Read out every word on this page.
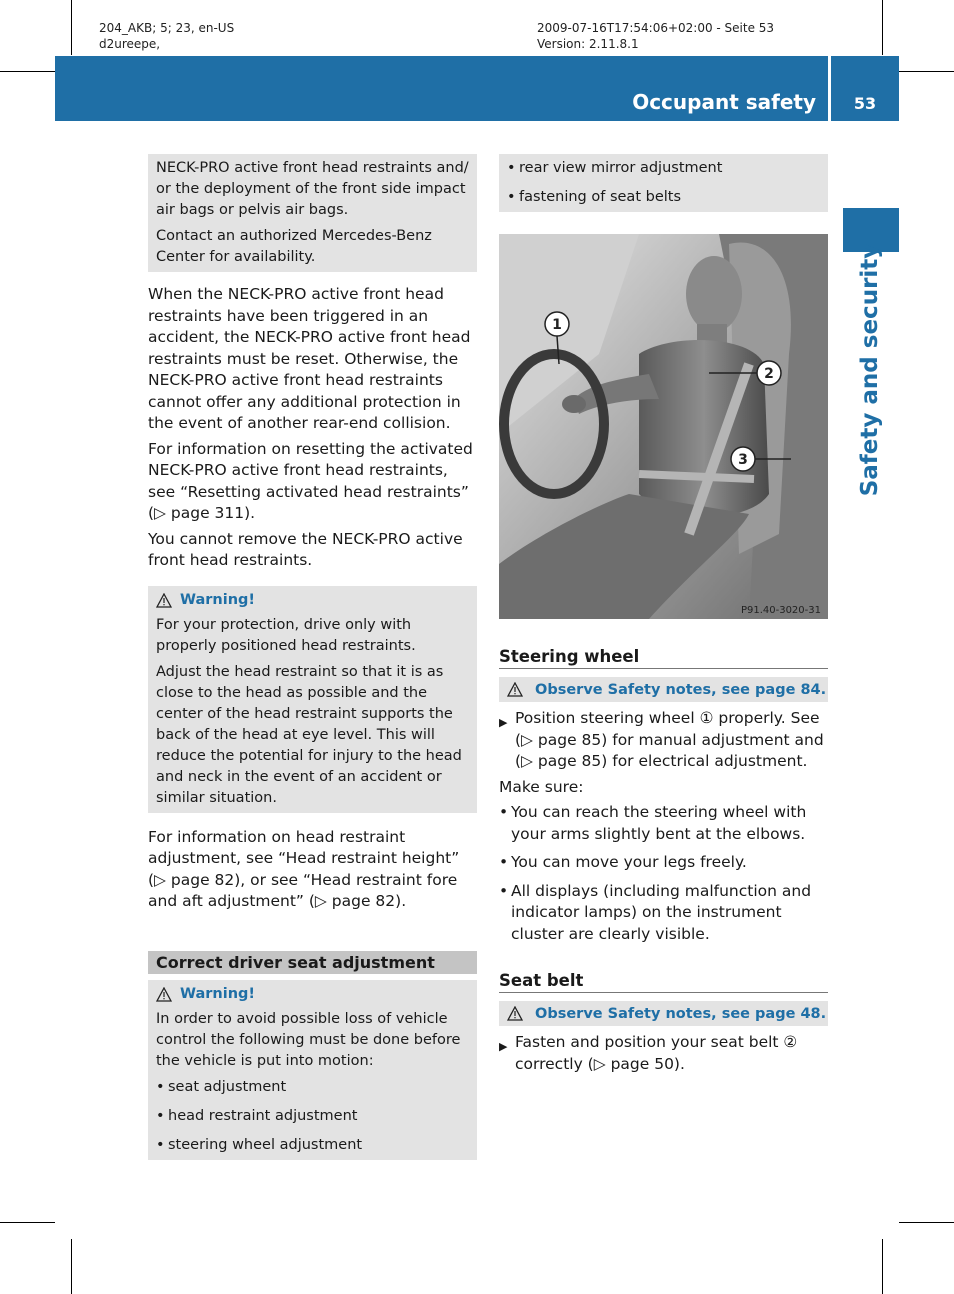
204_AKB; 5; 23, en-US
d2ureepe,
2009-07-16T17:54:06+02:00 - Seite 53
Version: 2.11.8.1
Occupant safety	53
Safety and security

NECK-PRO active front head restraints and/ or the deployment of the front side impact air bags or pelvis air bags.

Contact an authorized Mercedes-Benz Center for availability.

When the NECK-PRO active front head restraints have been triggered in an accident, the NECK-PRO active front head restraints must be reset. Otherwise, the NECK-PRO active front head restraints cannot offer any additional protection in the event of another rear-end collision.

For information on resetting the activated NECK-PRO active front head restraints, see “Resetting activated head restraints” (▷ page 311).

You cannot remove the NECK-PRO active front head restraints.

Warning!

For your protection, drive only with properly positioned head restraints.

Adjust the head restraint so that it is as close to the head as possible and the center of the head restraint supports the back of the head at eye level. This will reduce the potential for injury to the head and neck in the event of an accident or similar situation.

For information on head restraint adjustment, see “Head restraint height” (▷ page 82), or see “Head restraint fore and aft adjustment” (▷ page 82).

Correct driver seat adjustment
Warning!

In order to avoid possible loss of vehicle control the following must be done before the vehicle is put into motion:

• seat adjustment
• head restraint adjustment
• steering wheel adjustment
• rear view mirror adjustment
• fastening of seat belts
1
2
3
P91.40-3020-31
Steering wheel
Observe Safety notes, see page 84.
▶ Position steering wheel ① properly. See (▷ page 85) for manual adjustment and (▷ page 85) for electrical adjustment.

Make sure:

• You can reach the steering wheel with your arms slightly bent at the elbows.
• You can move your legs freely.
• All displays (including malfunction and indicator lamps) on the instrument cluster are clearly visible.
Seat belt
Observe Safety notes, see page 48.
▶ Fasten and position your seat belt ② correctly (▷ page 50).
